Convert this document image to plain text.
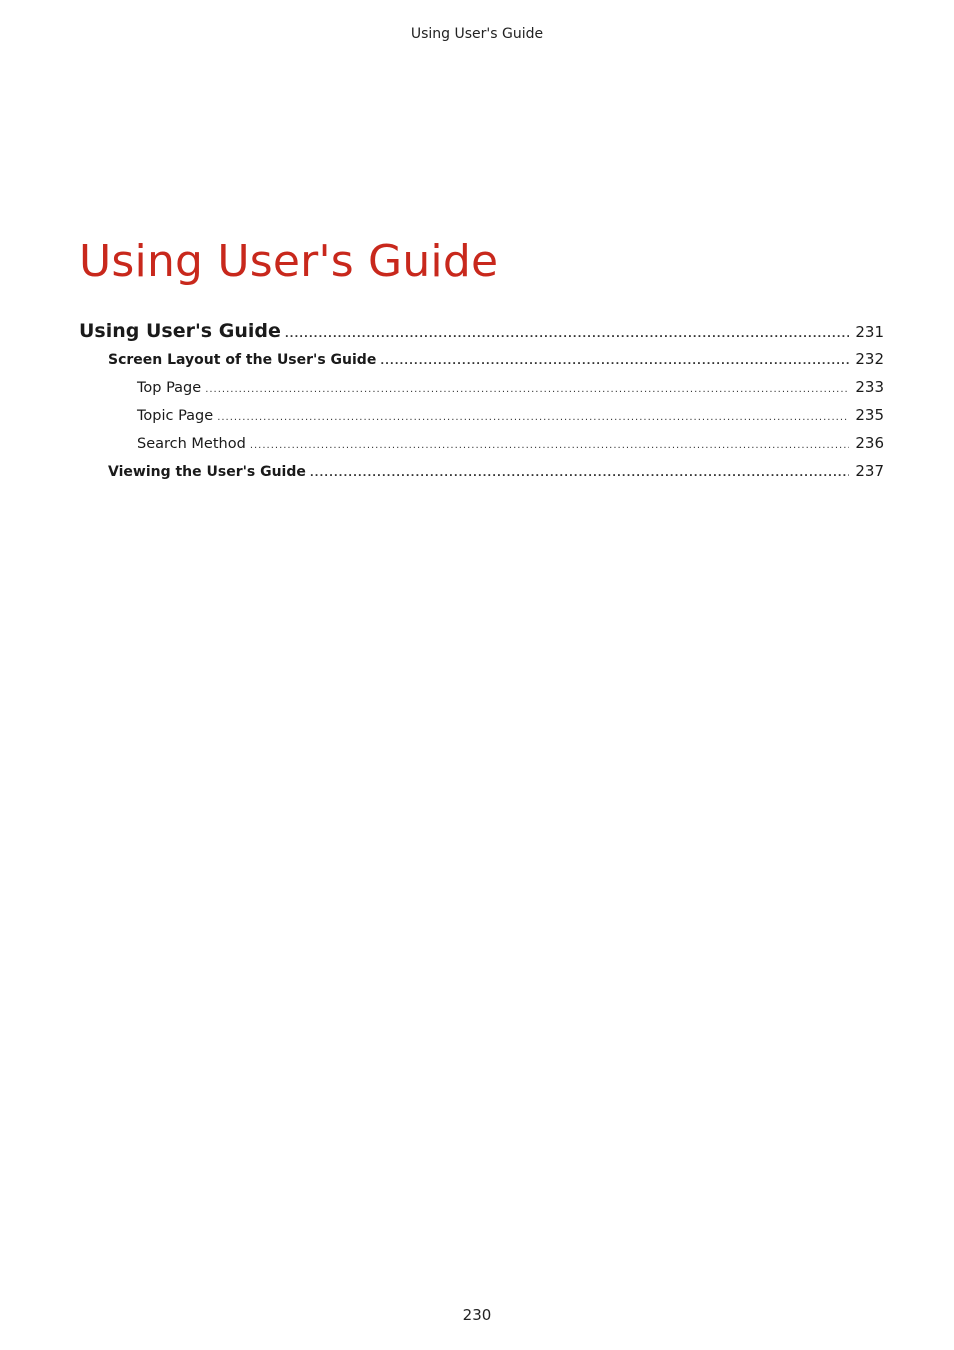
Using User's Guide
Using User's Guide
Using User's Guide .....	231
Screen Layout of the User's Guide .....	232
Top Page .....	233
Topic Page .....	235
Search Method .....	236
Viewing the User's Guide .....	237
230
